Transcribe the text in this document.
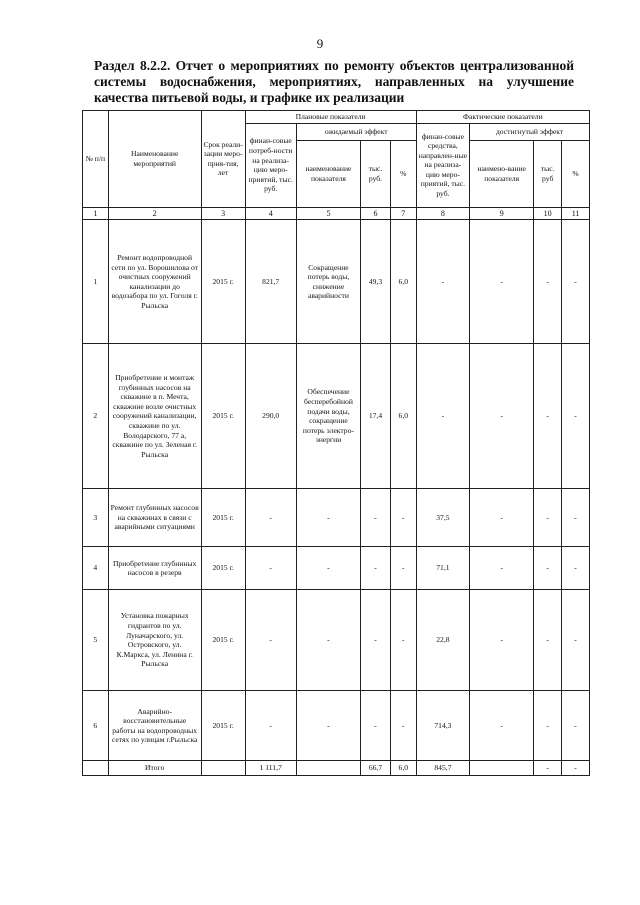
9
Раздел 8.2.2. Отчет о мероприятиях по ремонту объектов централизованной системы водоснабжения, мероприятиях, направленных на улучшение качества питьевой воды, и графике их реализации
№ п/п	Наименование мероприятий	Срок реали-зации меро-прия-тия, лет	Плановые показатели				Фактические показатели			
			финан-совые потреб-ности на реализа-цию меро-приятий, тыс. руб.	ожидаемый эффект			финан-совые средства, направлен-ные на реализа-цию меро-приятий, тыс. руб.	достигнутый эффект		
				наименование показателя	тыс. руб.	%		наимено-вание показателя	тыс. руб	%
1	2	3	4	5	6	7	8	9	10	11
1	Ремонт водопроводной сети по ул. Ворошилова от очистных сооружений канализации до водозабора по ул. Гоголя г. Рыльска	2015 г.	821,7	Сокращение потерь воды, снижение аварийности	49,3	6,0	-	-	-	-
2	Приобретение и монтаж глубинных насосов на скважине в п. Мечта, скважине возле очистных сооружений канализации, скважине по ул. Володарского, 77 а, скважине по ул. Зеленая г. Рыльска	2015 г.	290,0	Обеспечение бесперебойной подачи воды, сокращение потерь электро-энергии	17,4	6,0	-	-	-	-
3	Ремонт глубинных насосов на скважинах в связи с аварийными ситуациями	2015 г.	-	-	-	-	37,5	-	-	-
4	Приобретение глубинных насосов в резерв	2015 г.	-	-	-	-	71,1	-	-	-
5	Установка пожарных гидрантов по ул. Луначарского, ул. Островского, ул. К.Маркса, ул. Ленина г. Рыльска	2015 г.	-	-	-	-	22,8	-	-	-
6	Аварийно-восстановительные работы на водопроводных сетях по улицам г.Рыльска	2015 г.	-	-	-	-	714,3	-	-	-
	Итого		1 111,7		66,7	6,0	845,7		-	-
